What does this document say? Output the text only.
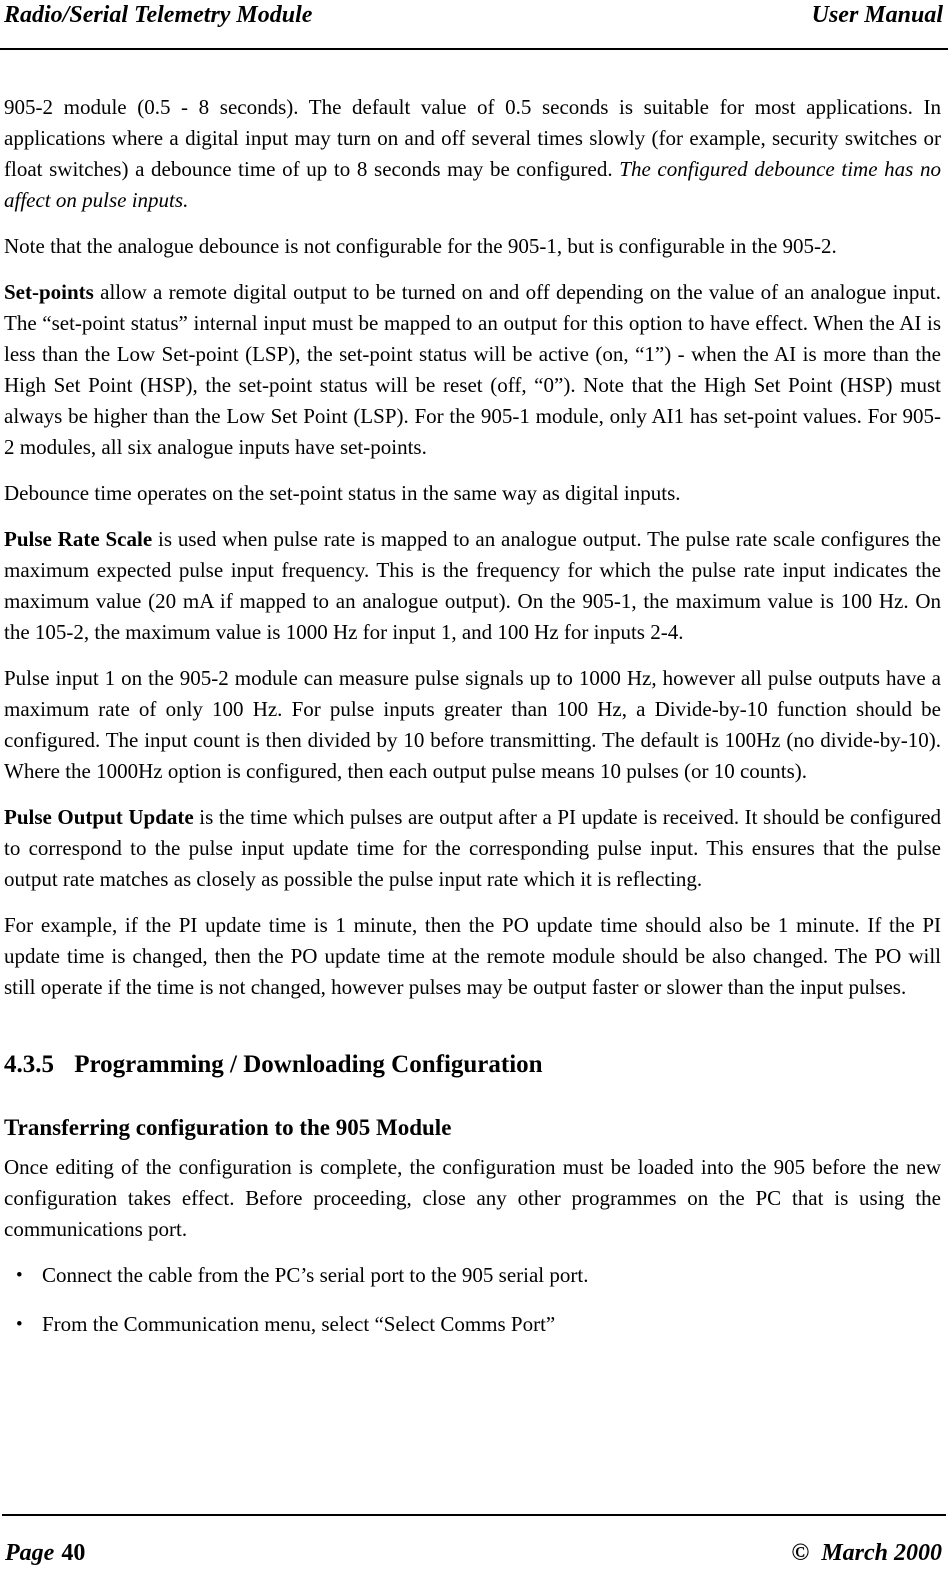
Radio/Serial Telemetry Module	User Manual

905-2 module (0.5 - 8 seconds). The default value of 0.5 seconds is suitable for most applications. In applications where a digital input may turn on and off several times slowly (for example, security switches or float switches) a debounce time of up to 8 seconds may be configured. The configured debounce time has no affect on pulse inputs.

Note that the analogue debounce is not configurable for the 905-1, but is configurable in the 905-2.

Set-points allow a remote digital output to be turned on and off depending on the value of an analogue input. The “set-point status” internal input must be mapped to an output for this option to have effect. When the AI is less than the Low Set-point (LSP), the set-point status will be active (on, “1”) - when the AI is more than the High Set Point (HSP), the set-point status will be reset (off, “0”). Note that the High Set Point (HSP) must always be higher than the Low Set Point (LSP). For the 905-1 module, only AI1 has set-point values. For 905-2 modules, all six analogue inputs have set-points.

Debounce time operates on the set-point status in the same way as digital inputs.

Pulse Rate Scale is used when pulse rate is mapped to an analogue output. The pulse rate scale configures the maximum expected pulse input frequency. This is the frequency for which the pulse rate input indicates the maximum value (20 mA if mapped to an analogue output). On the 905-1, the maximum value is 100 Hz. On the 105-2, the maximum value is 1000 Hz for input 1, and 100 Hz for inputs 2-4.

Pulse input 1 on the 905-2 module can measure pulse signals up to 1000 Hz, however all pulse outputs have a maximum rate of only 100 Hz. For pulse inputs greater than 100 Hz, a Divide-by-10 function should be configured. The input count is then divided by 10 before transmitting. The default is 100Hz (no divide-by-10). Where the 1000Hz option is configured, then each output pulse means 10 pulses (or 10 counts).

Pulse Output Update is the time which pulses are output after a PI update is received. It should be configured to correspond to the pulse input update time for the corresponding pulse input. This ensures that the pulse output rate matches as closely as possible the pulse input rate which it is reflecting.

For example, if the PI update time is 1 minute, then the PO update time should also be 1 minute. If the PI update time is changed, then the PO update time at the remote module should be also changed. The PO will still operate if the time is not changed, however pulses may be output faster or slower than the input pulses.

4.3.5 Programming / Downloading Configuration
Transferring configuration to the 905 Module

Once editing of the configuration is complete, the configuration must be loaded into the 905 before the new configuration takes effect. Before proceeding, close any other programmes on the PC that is using the communications port.

• Connect the cable from the PC’s serial port to the 905 serial port.
• From the Communication menu, select “Select Comms Port”
Page 40	© March 2000
